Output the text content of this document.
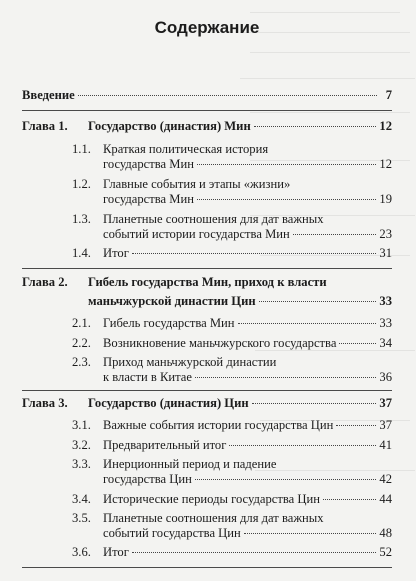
Содержание
Введение	7
Глава 1.	Государство (династия) Мин	12
1.1. Краткая политическая история
государства Мин	12
1.2. Главные события и этапы «жизни»
государства Мин	19
1.3. Планетные соотношения для дат важных
событий истории государства Мин	23
1.4. Итог	31
Глава 2. Гибель государства Мин, приход к власти
маньчжурской династии Цин	33
2.1. Гибель государства Мин	33
2.2. Возникновение маньчжурского государства	34
2.3. Приход маньчжурской династии
к власти в Китае	36
Глава 3.	Государство (династия) Цин	37
3.1. Важные события истории государства Цин	37
3.2. Предварительный итог	41
3.3. Инерционный период и падение
государства Цин	42
3.4. Исторические периоды государства Цин	44
3.5. Планетные соотношения для дат важных
событий государства Цин	48
3.6. Итог	52
